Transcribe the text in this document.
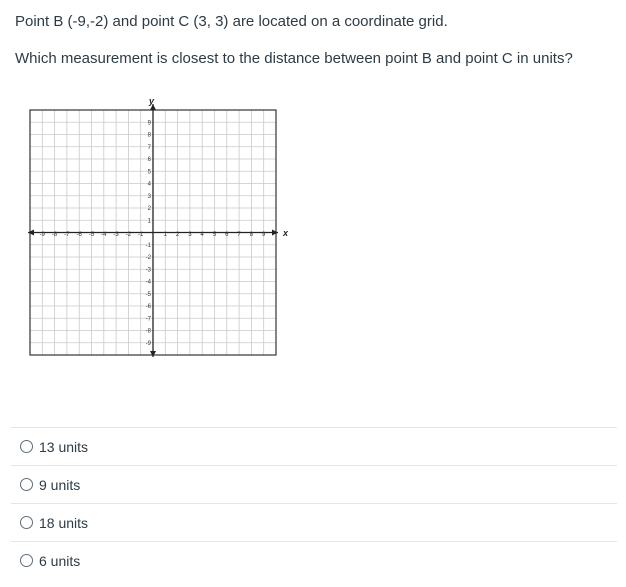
Point B (-9,-2) and point C (3, 3) are located on a coordinate grid.
Which measurement is closest to the distance between point B and point C in units?
-9 -8 -7 -6 -5 -4 -3 -2 -1	1 2 3 4 5 6 7 8 9
9
8
7
6
5
4
3
2
1
-1
-2
-3
-4
-5
-6
-7
-8
-9
x
y
13 units
9 units
18 units
6 units
